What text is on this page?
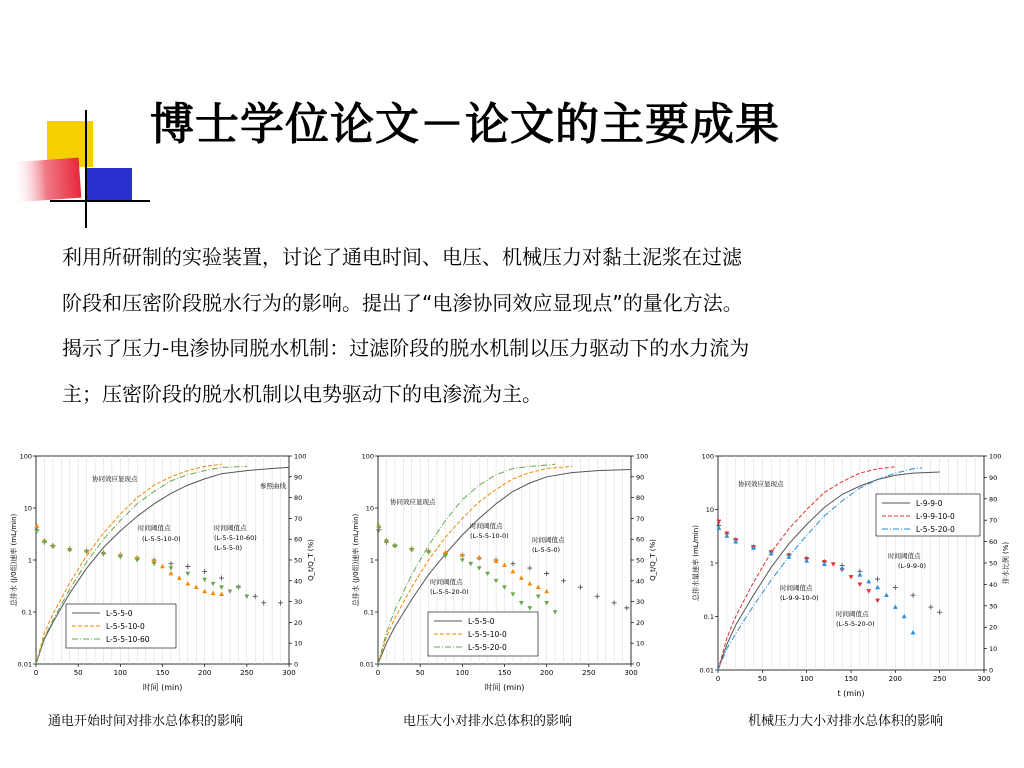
博士学位论文－论文的主要成果
利用所研制的实验装置，讨论了通电时间、电压、机械压力对黏土泥浆在过滤
阶段和压密阶段脱水行为的影响。提出了“电渗协同效应显现点”的量化方法。
揭示了压力-电渗协同脱水机制：过滤阶段的脱水机制以压力驱动下的水力流为
主；压密阶段的脱水机制以电势驱动下的电渗流为主。
0	50	100	150	200	250	300
0.01
0.1
1
10
100
0
10
20
30
40
50
60
70
80
90
100
时间 (min)
总排水 (J/0组)速率 (mL/min)	Q_t/Q_T (%)
L-5-5-0
L-5-5-10-0
L-5-5-10-60
协同效应显现点
参照曲线
时间阈值点
(L-5-5-10-0)
时间阈值点
(L-5-5-10-60)
(L-5-5-0)
0	50	100	150	200	250	300
0.01
0.1
1
10
100
0
10
20
30
40
50
60
70
80
90
100
时间 (min)
总排水 (J/0组)速率 (mL/min)	Q_t/Q_T (%)
L-5-5-0
L-5-5-10-0
L-5-5-20-0
协同效应显现点
时间阈值点
(L-5-5-10-0)	时间阈值点
(L-5-5-0)
时间阈值点
(L-5-5-20-0)
0	50	100	150	200	250	300
0.01
0.1
1
10
100
0
10
20
30
40
50
60
70
80
90
100
t (min)
总排水量速率 (mL/min)	排水比例 (%)
L-9-9-0
L-9-9-10-0
L-5-5-20-0
协同效应显现点
时间阈值点
(L-9-9-0)
时间阈值点
(L-9-9-10-0)
时间阈值点
(L-5-5-20-0)
通电开始时间对排水总体积的影响	电压大小对排水总体积的影响	机械压力大小对排水总体积的影响
